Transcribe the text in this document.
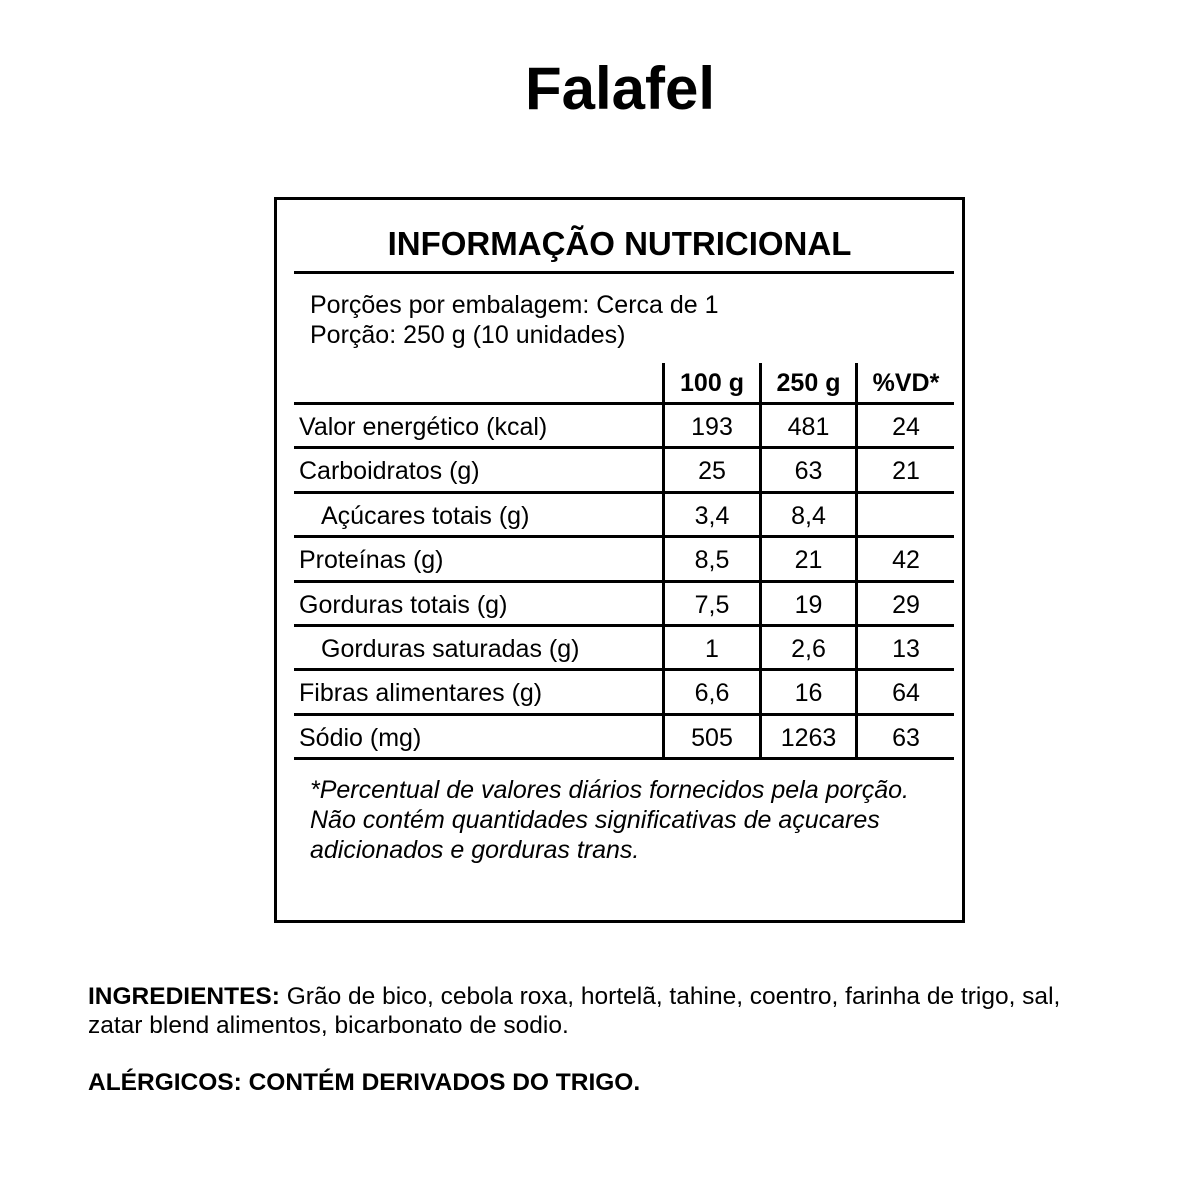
Falafel
INFORMAÇÃO NUTRICIONAL
Porções por embalagem: Cerca de 1
Porção: 250 g (10 unidades)
100 g	250 g	%VD*
Valor energético (kcal)	193	481	24
Carboidratos (g)	25	63	21
Açúcares totais (g)	3,4	8,4
Proteínas (g)	8,5	21	42
Gorduras totais (g)	7,5	19	29
Gorduras saturadas (g)	1	2,6	13
Fibras alimentares (g)	6,6	16	64
Sódio (mg)	505	1263	63
*Percentual de valores diários fornecidos pela porção.
Não contém quantidades significativas de açucares adicionados e gorduras trans.
INGREDIENTES: Grão de bico, cebola roxa, hortelã, tahine, coentro, farinha de trigo, sal, zatar blend alimentos, bicarbonato de sodio.
ALÉRGICOS: CONTÉM DERIVADOS DO TRIGO.
